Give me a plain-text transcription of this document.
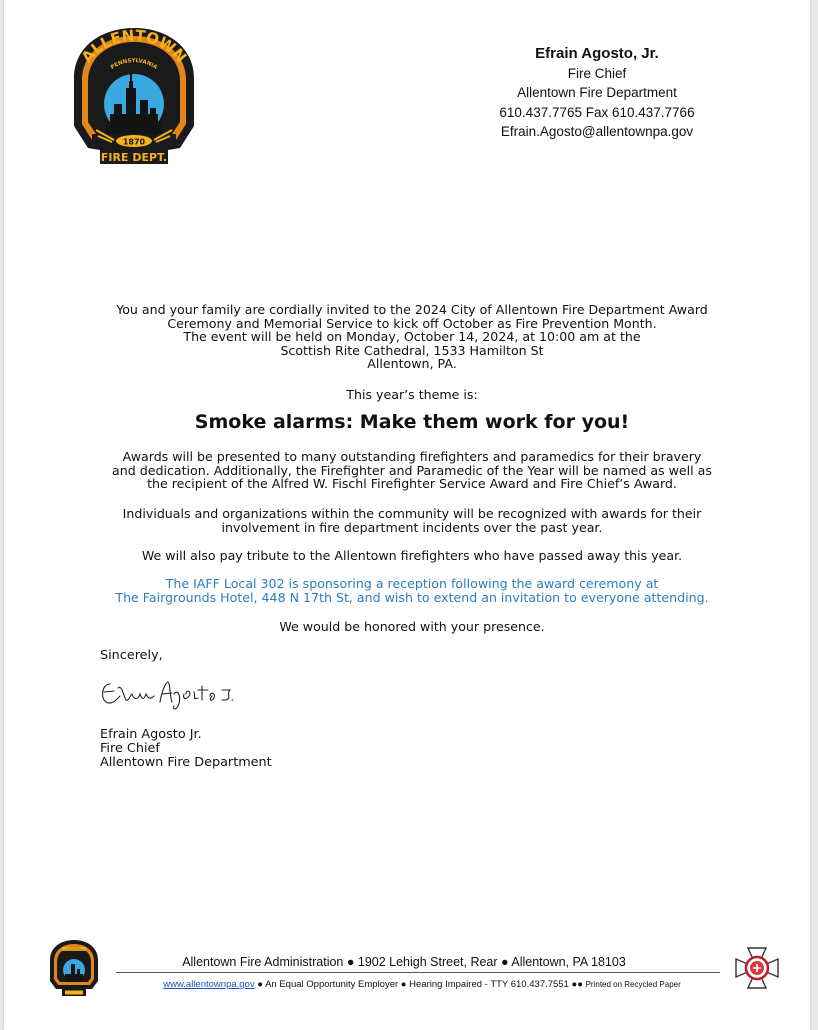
1870
FIRE DEPT.
ALLENTOWN
PENNSYLVANIA
Efrain Agosto, Jr.
Fire Chief
Allentown Fire Department
610.437.7765 Fax 610.437.7766
Efrain.Agosto@allentownpa.gov
You and your family are cordially invited to the 2024 City of Allentown Fire Department Award
Ceremony and Memorial Service to kick off October as Fire Prevention Month.
The event will be held on Monday, October 14, 2024, at 10:00 am at the
Scottish Rite Cathedral, 1533 Hamilton St
Allentown, PA.
This year’s theme is:
Smoke alarms: Make them work for you!
Awards will be presented to many outstanding firefighters and paramedics for their bravery
and dedication. Additionally, the Firefighter and Paramedic of the Year will be named as well as
the recipient of the Alfred W. Fischl Firefighter Service Award and Fire Chief’s Award.
Individuals and organizations within the community will be recognized with awards for their
involvement in fire department incidents over the past year.
We will also pay tribute to the Allentown firefighters who have passed away this year.
The IAFF Local 302 is sponsoring a reception following the award ceremony at
The Fairgrounds Hotel, 448 N 17th St, and wish to extend an invitation to everyone attending.
We would be honored with your presence.
Sincerely,
Efrain Agosto Jr.
Fire Chief
Allentown Fire Department
Allentown Fire Administration ● 1902 Lehigh Street, Rear ● Allentown, PA 18103
www.allentownpa.gov ● An Equal Opportunity Employer ● Hearing Impaired - TTY 610.437.7551 ●● Printed on Recycled Paper
